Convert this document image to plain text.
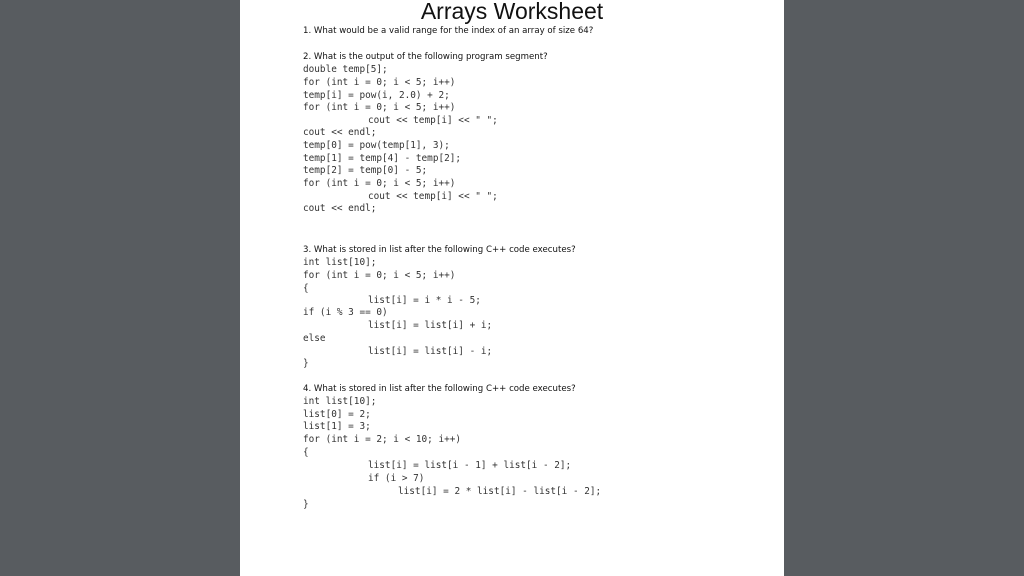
Arrays Worksheet
1. What would be a valid range for the index of an array of size 64?
2. What is the output of the following program segment?
double temp[5];
for (int i = 0; i < 5; i++)
temp[i] = pow(i, 2.0) + 2;
for (int i = 0; i < 5; i++)
cout << temp[i] << " ";
cout << endl;
temp[0] = pow(temp[1], 3);
temp[1] = temp[4] - temp[2];
temp[2] = temp[0] - 5;
for (int i = 0; i < 5; i++)
cout << temp[i] << " ";
cout << endl;
3. What is stored in list after the following C++ code executes?
int list[10];
for (int i = 0; i < 5; i++)
{
list[i] = i * i - 5;
if (i % 3 == 0)
list[i] = list[i] + i;
else
list[i] = list[i] - i;
}
4. What is stored in list after the following C++ code executes?
int list[10];
list[0] = 2;
list[1] = 3;
for (int i = 2; i < 10; i++)
{
list[i] = list[i - 1] + list[i - 2];
if (i > 7)
list[i] = 2 * list[i] - list[i - 2];
}
